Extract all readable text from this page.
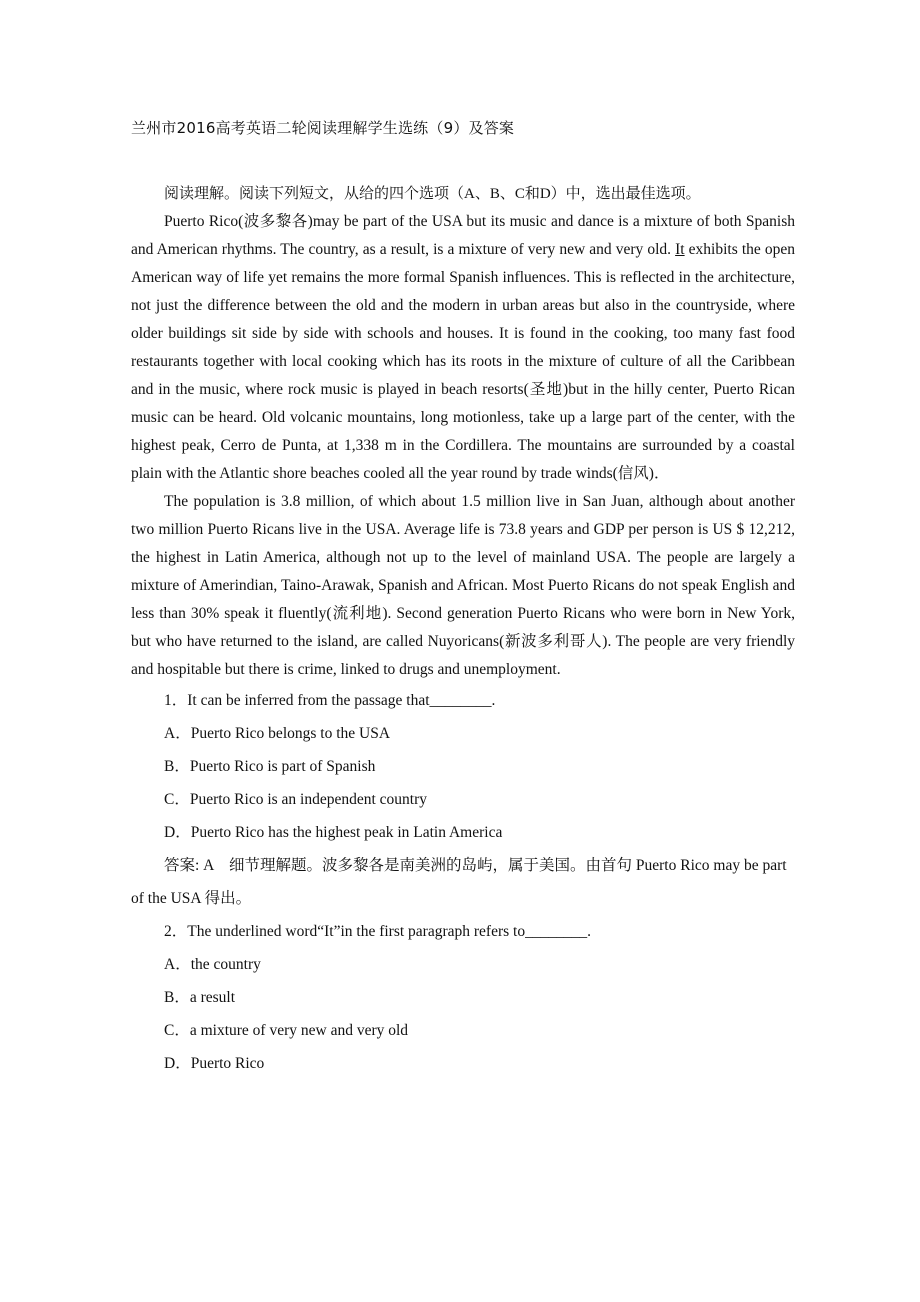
兰州市2016高考英语二轮阅读理解学生选练（9）及答案

阅读理解。阅读下列短文，从给的四个选项（A、B、C和D）中，选出最佳选项。

Puerto Rico(波多黎各)may be part of the USA but its music and dance is a mixture of both Spanish and American rhythms. The country, as a result, is a mixture of very new and very old. It exhibits the open American way of life yet remains the more formal Spanish influences. This is reflected in the architecture, not just the difference between the old and the modern in urban areas but also in the countryside, where older buildings sit side by side with schools and houses. It is found in the cooking, too many fast food restaurants together with local cooking which has its roots in the mixture of culture of all the Caribbean and in the music, where rock music is played in beach resorts(圣地)but in the hilly center, Puerto Rican music can be heard. Old volcanic mountains, long motionless, take up a large part of the center, with the highest peak, Cerro de Punta, at 1,338 m in the Cordillera. The mountains are surrounded by a coastal plain with the Atlantic shore beaches cooled all the year round by trade winds(信风)．

The population is 3.8 million, of which about 1.5 million live in San Juan, although about another two million Puerto Ricans live in the USA. Average life is 73.8 years and GDP per person is US $ 12,212, the highest in Latin America, although not up to the level of mainland USA. The people are largely a mixture of Amerindian, Taino-Arawak, Spanish and African. Most Puerto Ricans do not speak English and less than 30% speak it fluently(流利地). Second generation Puerto Ricans who were born in New York, but who have returned to the island, are called Nuyoricans(新波多利哥人). The people are very friendly and hospitable but there is crime, linked to drugs and unemployment.

1．It can be inferred from the passage that________.

A．Puerto Rico belongs to the USA

B．Puerto Rico is part of Spanish

C．Puerto Rico is an independent country

D．Puerto Rico has the highest peak in Latin America

答案: A　细节理解题。波多黎各是南美洲的岛屿，属于美国。由首句 Puerto Rico may be part of the USA 得出。

2．The underlined word“It”in the first paragraph refers to________.

A．the country

B．a result

C．a mixture of very new and very old

D．Puerto Rico
